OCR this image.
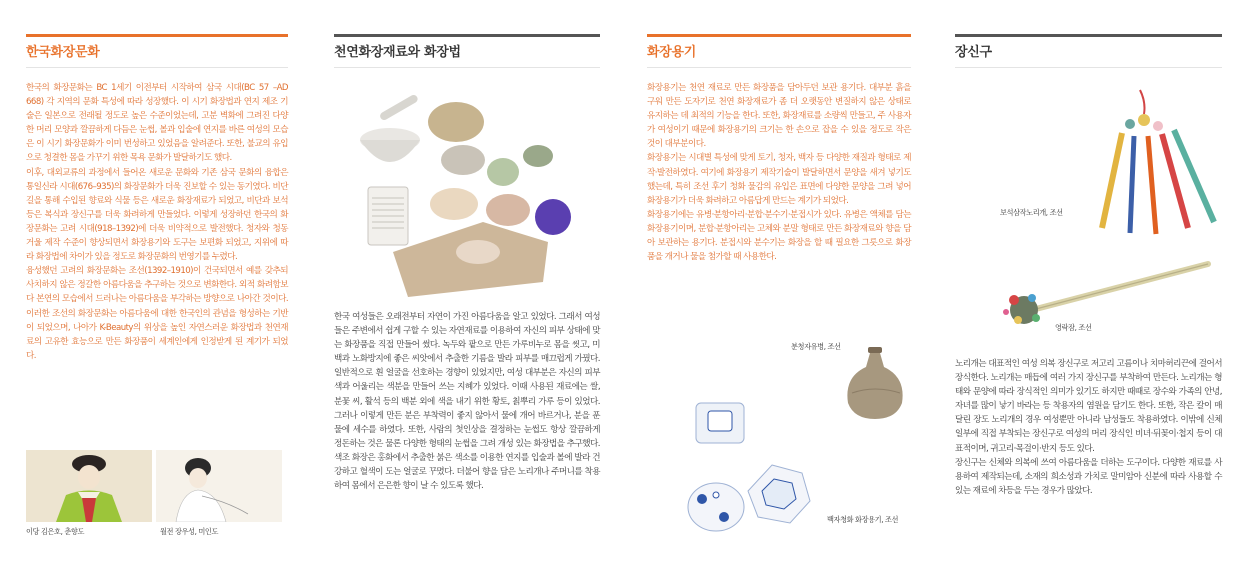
한국화장문화

한국의 화장문화는 BC 1세기 이전부터 시작하여 삼국 시대(BC 57 –AD 668) 각 지역의 문화 특성에 따라 성장했다. 이 시기 화장법과 연지 제조 기술은 일본으로 전래될 정도로 높은 수준이었는데, 고분 벽화에 그려진 다양한 머리 모양과 깔끔하게 다듬은 눈썹, 볼과 입술에 연지를 바른 여성의 모습은 이 시기 화장문화가 이미 번성하고 있었음을 알려준다. 또한, 불교의 유입으로 청결한 몸을 가꾸기 위한 목욕 문화가 발달하기도 했다.

이후, 대외교류의 과정에서 들어온 새로운 문화와 기존 삼국 문화의 융합은 통일신라 시대(676–935)의 화장문화가 더욱 진보할 수 있는 동기였다. 비단길을 통해 수입된 향료와 식물 등은 새로운 화장재료가 되었고, 비단과 보석 등은 복식과 장신구를 더욱 화려하게 만들었다. 이렇게 성장하던 한국의 화장문화는 고려 시대(918–1392)에 더욱 비약적으로 발전했다. 청자와 청동거울 제작 수준이 향상되면서 화장용기와 도구는 보편화 되었고, 지위에 따라 화장법에 차이가 있을 정도로 화장문화의 번영기를 누렸다.

융성했던 고려의 화장문화는 조선(1392–1910)이 건국되면서 예를 갖추되 사치하지 않은 정갈한 아름다움을 추구하는 것으로 변화한다. 외적 화려함보다 본연의 모습에서 드러나는 아름다움을 부각하는 방향으로 나아간 것이다. 이러한 조선의 화장문화는 아름다움에 대한 한국인의 관념을 형성하는 기반이 되었으며, 나아가 K-Beauty의 위상을 높인 자연스러운 화장법과 천연재료의 고유한 효능으로 만든 화장품이 세계인에게 인정받게 된 계기가 되었다.

이당 김은호, 춘향도	월전 장우성, 미인도
천연화장재료와 화장법

한국 여성들은 오래전부터 자연이 가진 아름다움을 알고 있었다. 그래서 여성들은 주변에서 쉽게 구할 수 있는 자연재료를 이용하여 자신의 피부 상태에 맞는 화장품을 직접 만들어 썼다. 녹두와 팥으로 만든 가루비누로 몸을 씻고, 미백과 노화방지에 좋은 씨앗에서 추출한 기름을 발라 피부를 매끄럽게 가꿨다. 일반적으로 흰 얼굴을 선호하는 경향이 있었지만, 여성 대부분은 자신의 피부색과 어울리는 색분을 만들어 쓰는 지혜가 있었다. 이때 사용된 재료에는 쌀, 분꽃 씨, 활석 등의 백분 외에 색을 내기 위한 황토, 칡뿌리 가루 등이 있었다. 그러나 이렇게 만든 분은 부착력이 좋지 않아서 물에 개어 바르거나, 분을 푼 물에 세수를 하였다. 또한, 사람의 첫인상을 결정하는 눈썹도 항상 깔끔하게 정돈하는 것은 물론 다양한 형태의 눈썹을 그려 개성 있는 화장법을 추구했다. 색조 화장은 홍화에서 추출한 붉은 색소를 이용한 연지를 입술과 볼에 발라 건강하고 혈색이 도는 얼굴로 꾸몄다. 더불어 향을 담은 노리개나 주머니를 착용하여 몸에서 은은한 향이 날 수 있도록 했다.

화장용기

화장용기는 천연 재료로 만든 화장품을 담아두던 보관 용기다. 대부분 흙을 구워 만든 도자기로 천연 화장재료가 좀 더 오랫동안 변질하지 않은 상태로 유지하는 데 최적의 기능을 한다. 또한, 화장재료를 소량씩 만들고, 주 사용자가 여성이기 때문에 화장용기의 크기는 한 손으로 잡을 수 있을 정도로 작은 것이 대부분이다.

화장용기는 시대별 특성에 맞게 토기, 청자, 백자 등 다양한 재질과 형태로 제작·발전하였다. 여기에 화장용기 제작기술이 발달하면서 문양을 새겨 넣기도 했는데, 특히 조선 후기 청화 물감의 유입은 표면에 다양한 문양을 그려 넣어 화장용기가 더욱 화려하고 아름답게 만드는 계기가 되었다.

화장용기에는 유병·분항아리·분합·분수기·분접시가 있다. 유병은 액체를 담는 화장용기이며, 분합·분항아리는 고체와 분말 형태로 만든 화장재료와 향을 담아 보관하는 용기다. 분접시와 분수기는 화장을 할 때 필요한 그릇으로 화장품을 개거나 물을 첨가할 때 사용한다.

분청자유병, 조선
백자청화 화장용기, 조선
장신구
보석삼작노리개, 조선
영락잠, 조선

노리개는 대표적인 여성 의복 장신구로 저고리 고름이나 치마허리끈에 걸어서 장식한다. 노리개는 매듭에 여러 가지 장신구를 부착하여 만든다. 노리개는 형태와 문양에 따라 장식적인 의미가 있기도 하지만 때때로 장수와 가족의 안녕, 자녀를 많이 낳기 바라는 등 착용자의 염원을 담기도 한다. 또한, 작은 칼이 매달린 장도 노리개의 경우 여성뿐만 아니라 남성들도 착용하였다. 이밖에 신체 일부에 직접 부착되는 장신구로 여성의 머리 장식인 비녀·뒤꽂이·첩지 등이 대표적이며, 귀고리·목걸이·반지 등도 있다.

장신구는 신체와 의복에 쓰여 아름다움을 더하는 도구이다. 다양한 재료를 사용하여 제작되는데, 소재의 희소성과 가치로 말미암아 신분에 따라 사용할 수 있는 재료에 차등을 두는 경우가 많았다.
